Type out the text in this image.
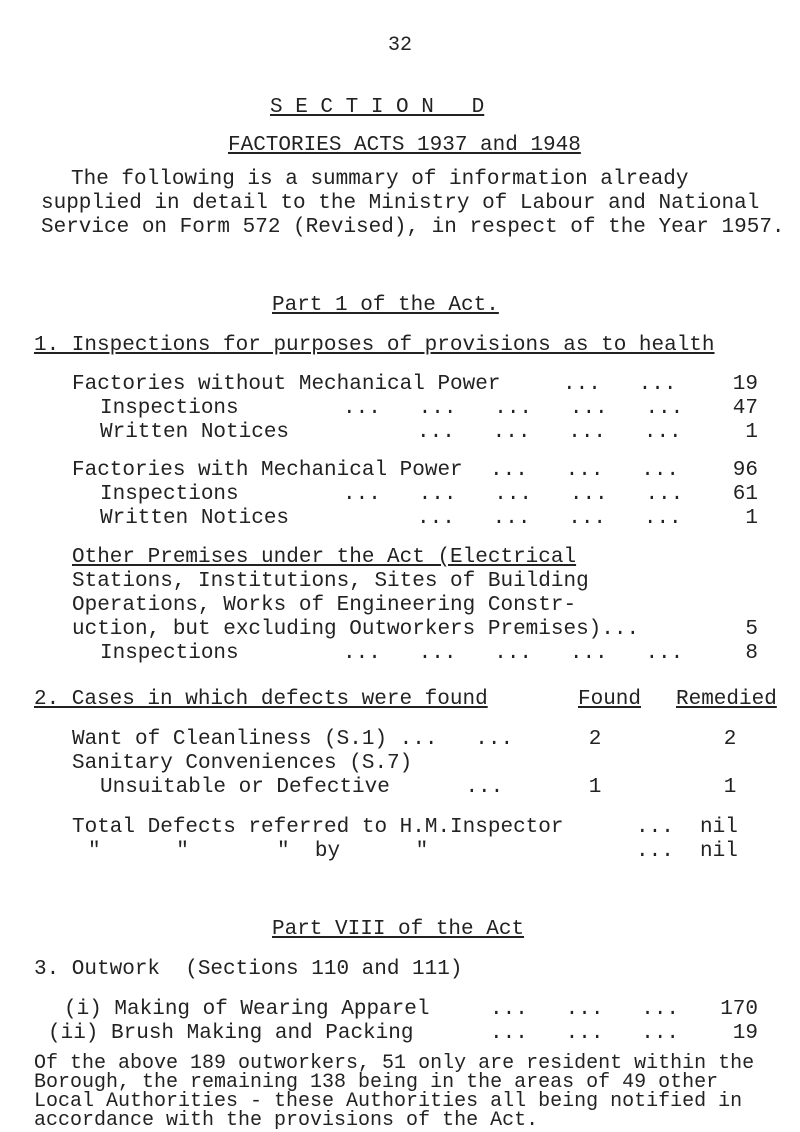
32
S E C T I O N   D
FACTORIES ACTS 1937 and 1948
The following is a summary of information already
supplied in detail to the Ministry of Labour and National
Service on Form 572 (Revised), in respect of the Year 1957.
Part 1 of the Act.
1. Inspections for purposes of provisions as to health
Factories without Mechanical Power	...   ...	19
Inspections	...   ...   ...   ...   ...	47
Written Notices	...   ...   ...   ...	1
Factories with Mechanical Power ...   ...   ...	96
Inspections	...   ...   ...   ...   ...	61
Written Notices	...   ...   ...   ...	1
Other Premises under the Act (Electrical
Stations, Institutions, Sites of Building
Operations, Works of Engineering Constr-
uction, but excluding Outworkers Premises)...	5
Inspections	...   ...   ...   ...   ...	8
2. Cases in which defects were found	Found Remedied
Want of Cleanliness (S.1) ...   ...	2	2
Sanitary Conveniences (S.7)
Unsuitable or Defective      ...	1	1
Total Defects referred to H.M.Inspector	... nil
"      "       "  by      "	... nil
Part VIII of the Act
3. Outwork  (Sections 110 and 111)
(i) Making of Wearing Apparel	...   ...   ...	170
(ii) Brush Making and Packing	...   ...   ...	19
Of the above 189 outworkers, 51 only are resident within the
Borough, the remaining 138 being in the areas of 49 other
Local Authorities - these Authorities all being notified in
accordance with the provisions of the Act.
